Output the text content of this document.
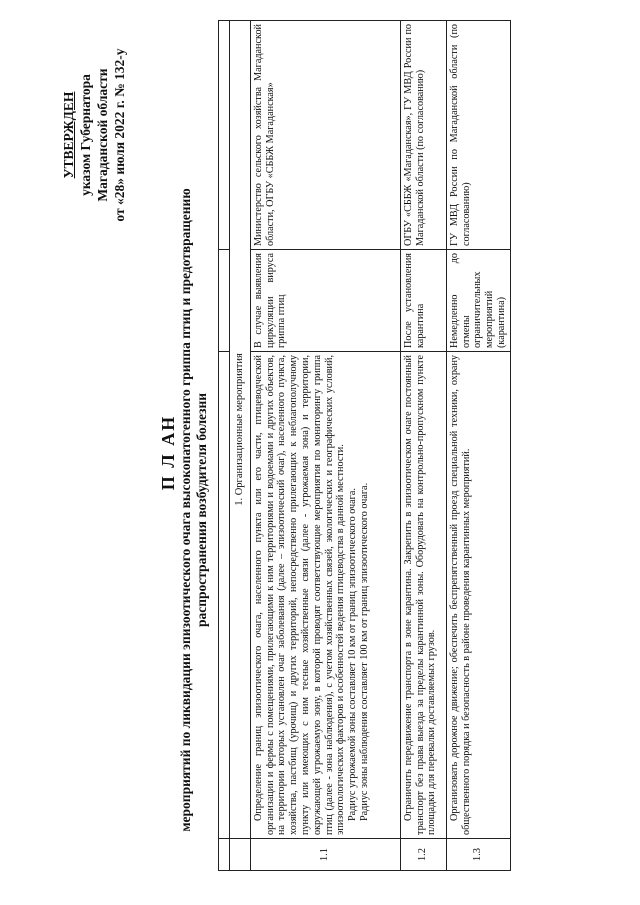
УТВЕРЖДЕН указом Губернатора Магаданской области от «28» июля 2022 г. № 132-у
П Л АН мероприятий по ликвидации эпизоотического очага высокопатогенного гриппа птиц и предотвращению распространения возбудителя болезни

	1. Организационные мероприятия		
1.1	Определение границ эпизоотического очага, населенного пункта или его части, птицеводческой организации и фермы с помещениями, прилегающими к ним территориями и водоемами и других объектов, на территории которых установлен очаг заболевания (далее – эпизоотический очаг), населенного пункта, хозяйства, пастбищ (урочищ) и других территорий, непосредственно прилегающих к неблагополучному пункту или имеющих с ним тесные хозяйственные связи (далее - угрожаемая зона) и территории, окружающей угрожаемую зону, в которой проводят соответствующие мероприятия по мониторингу гриппа птиц (далее - зона наблюдения), с учетом хозяйственных связей, экологических и географических условий, эпизоотологических факторов и особенностей ведения птицеводства в данной местности. Радиус угрожаемой зоны составляет 10 км от границ эпизоотического очага. Радиус зоны наблюдения составляет 100 км от границ эпизоотического очага.	В случае выявления циркуляции вируса гриппа птиц	Министерство сельского хозяйства Магаданской области, ОГБУ «СББЖ Магаданская»
1.2	Ограничить передвижение транспорта в зоне карантина. Закрепить в эпизоотическом очаге постоянный транспорт без права выезда за пределы карантинной зоны. Оборудовать на контрольно-пропускном пункте площадки для перевалки доставляемых грузов.	После установления карантина	ОГБУ «СББЖ «Магаданская», ГУ МВД России по Магаданской области (по согласованию)
1.3	Организовать дорожное движение; обеспечить беспрепятственный проезд специальной техники, охрану общественного порядка и безопасность в районе проведения карантинных мероприятий.	Немедленно до отмены ограничительных мероприятий (карантина)	ГУ МВД России по Магаданской области (по согласованию)
